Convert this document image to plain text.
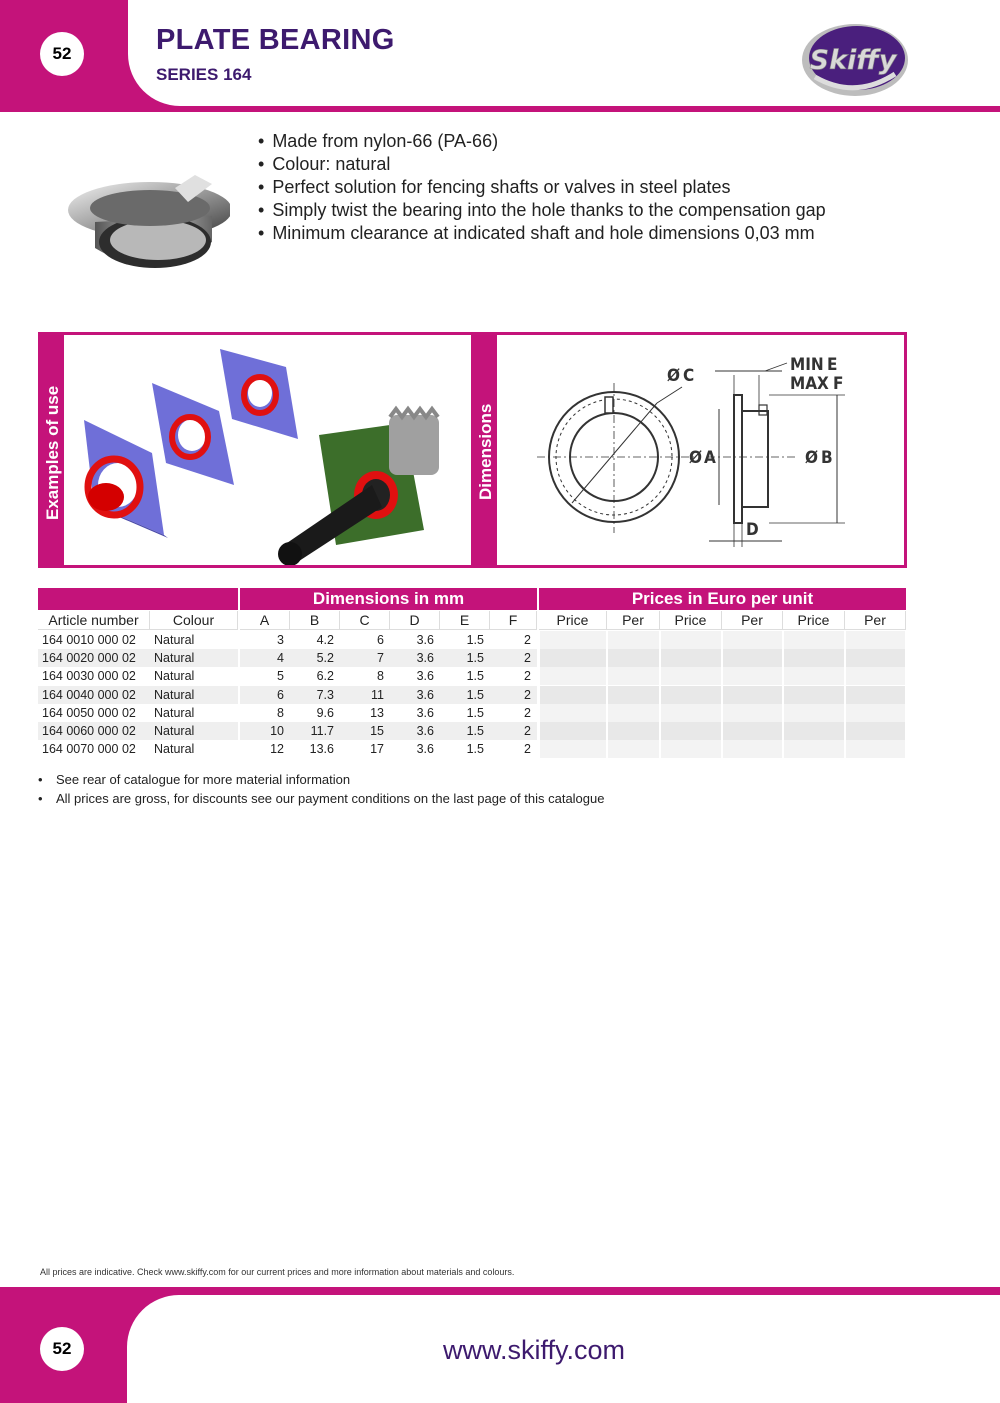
52	PLATE BEARING
SERIES 164	Skiffy
• Made from nylon-66 (PA-66)
• Colour: natural
• Perfect solution for fencing shafts or valves in steel plates
• Simply twist the bearing into the hole thanks to the compensation gap
• Minimum clearance at indicated shaft and hole dimensions 0,03 mm
Examples of use
Ø C
Ø A	Ø B
D
MIN E
MAX F
Dimensions
Dimensions in mm	Prices in Euro per unit
Article number	Colour	A	B	C	D	E	F	Price	Per	Price	Per	Price	Per
164 0010 000 02	Natural	3	4.2	6	3.6	1.5	2
164 0020 000 02	Natural	4	5.2	7	3.6	1.5	2
164 0030 000 02	Natural	5	6.2	8	3.6	1.5	2
164 0040 000 02	Natural	6	7.3	11	3.6	1.5	2
164 0050 000 02	Natural	8	9.6	13	3.6	1.5	2
164 0060 000 02	Natural	10	11.7	15	3.6	1.5	2
164 0070 000 02	Natural	12	13.6	17	3.6	1.5	2
• See rear of catalogue for more material information
• All prices are gross, for discounts see our payment conditions on the last page of this catalogue
All prices are indicative. Check www.skiffy.com for our current prices and more information about materials and colours.
52	www.skiffy.com
